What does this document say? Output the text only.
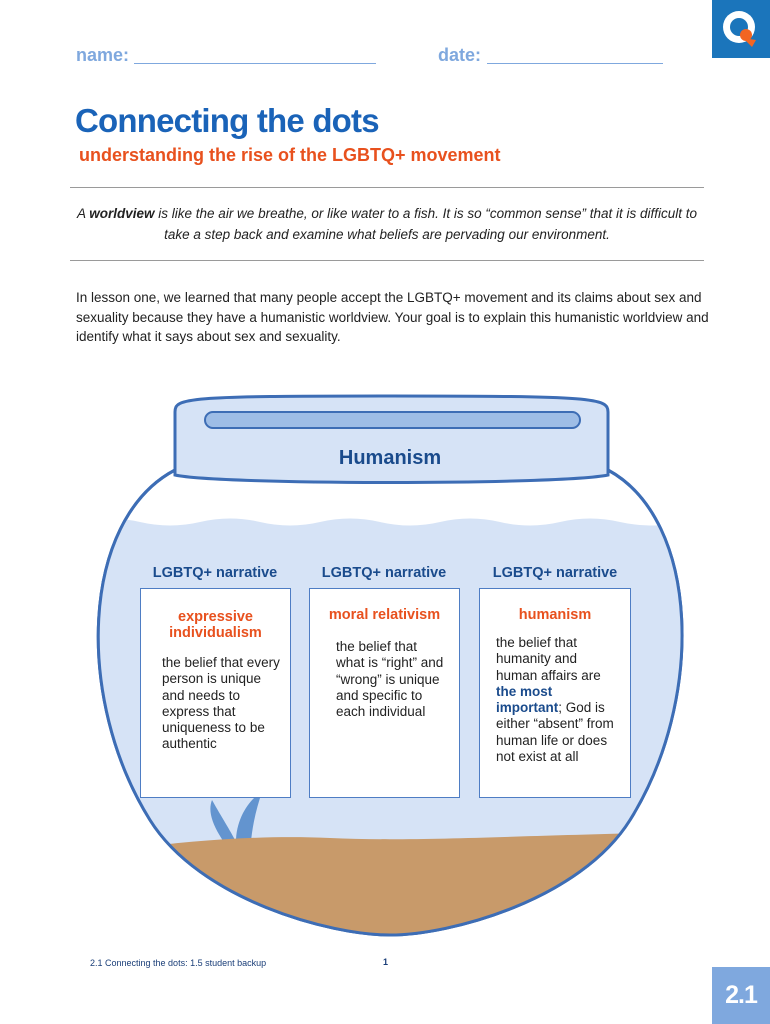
name:	date:
Connecting the dots
understanding the rise of the LGBTQ+ movement

A worldview is like the air we breathe, or like water to a fish. It is so “common sense” that it is difficult to take a step back and examine what beliefs are pervading our environment.

In lesson one, we learned that many people accept the LGBTQ+ movement and its claims about sex and sexuality because they have a humanistic worldview. Your goal is to explain this humanistic worldview and identify what it says about sex and sexuality.

Humanism
LGBTQ+ narrative	LGBTQ+ narrative	LGBTQ+ narrative
expressive individualism

the belief that every person is unique and needs to express that uniqueness to be authentic

moral relativism

the belief that what is “right” and “wrong” is unique and specific to each individual

humanism

the belief that humanity and human affairs are the most important; God is either “absent” from human life or does not exist at all

2.1 Connecting the dots: 1.5 student backup	1
2.1
